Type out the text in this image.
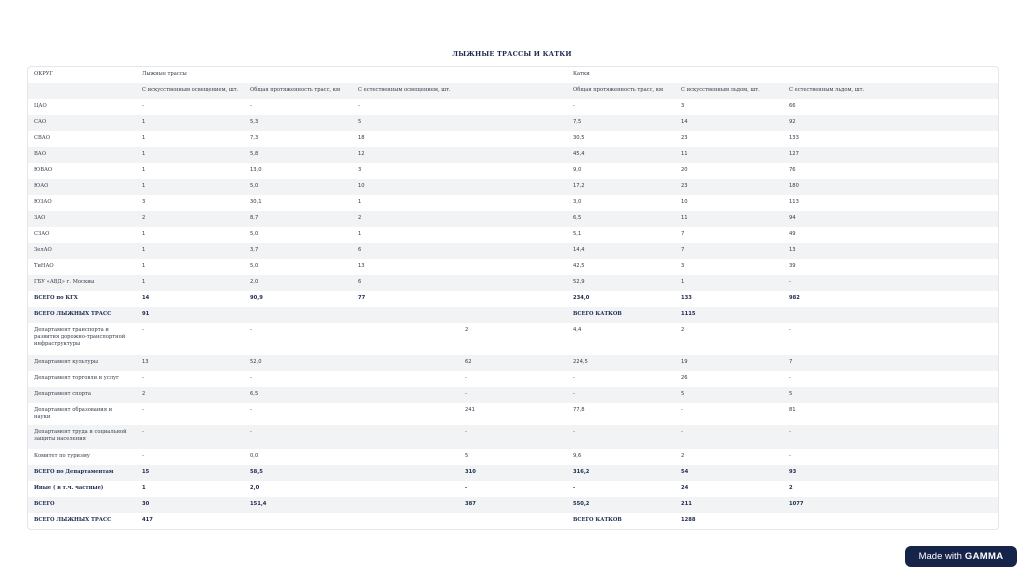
ЛЫЖНЫЕ ТРАССЫ И КАТКИ
ОКРУГ	Лыжные трассы				Катки		
	С искусственным освещением, шт.	Общая протяженность трасс, км	С естественным освещением, шт.		Общая протяженность трасс, км	С искусственным льдом, шт.	С естественным льдом, шт.
ЦАО	-	-	-		-	3	66
САО	1	5,3	5		7,5	14	92
СВАО	1	7,3	18		30,5	23	133
ВАО	1	5,8	12		45,4	11	127
ЮВАО	1	13,0	3		9,0	20	76
ЮАО	1	5,0	10		17,2	23	180
ЮЗАО	3	30,1	1		3,0	10	113
ЗАО	2	8,7	2		6,5	11	94
СЗАО	1	5,0	1		5,1	7	49
ЗелАО	1	3,7	6		14,4	7	13
ТиНАО	1	5,0	13		42,5	3	39
ГБУ «АВД» г. Москвы	1	2,0	6		52,9	1	-
ВСЕГО по КГХ	14	90,9	77		234,0	133	982
ВСЕГО ЛЫЖНЫХ ТРАСС	91				ВСЕГО КАТКОВ	1115	
Департамент транспорта и развития дорожно-транспортной инфраструктуры	-	-		2	4,4	2	-
Департамент культуры	13	52,0		62	224,5	19	7
Департамент торговли и услуг	-	-		-	-	26	-
Департамент спорта	2	6,5		-	-	5	5
Департамент образования и науки	-	-		241	77,8	-	81
Департамент труда и социальной защиты населения	-	-		-	-	-	-
Комитет по туризму	-	0,0		5	9,6	2	-
ВСЕГО по Департаментам	15	58,5		310	316,2	54	93
Иные ( в т.ч. частные)	1	2,0		-	-	24	2
ВСЕГО	30	151,4		387	550,2	211	1077
ВСЕГО ЛЫЖНЫХ ТРАСС	417				ВСЕГО КАТКОВ	1288	
Made with GAMMA
